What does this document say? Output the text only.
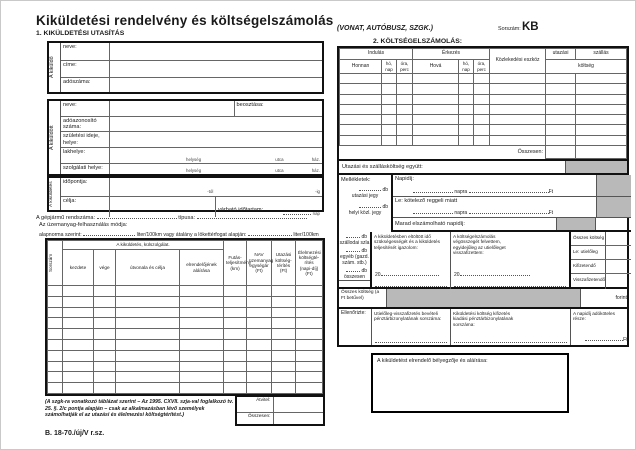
Kiküldetési rendelvény és költségelszámolás
1. KIKÜLDETÉSI UTASÍTÁS
A kiküldő
neve:	
címe:	
adószáma:	
A kiküldött
neve:		beosztása:
adóazonosító száma:		
születési ideje, helye:		
lakhelye:	helység utca ház.	

szolgálati helye:	helység utca ház.	
A kiküldetés	időpontja:	-tól -ig	

célja:		várható időtartam:
nap
A gépjármű rendszáma:	típusa:
Az üzemanyag-felhasználás módja:
alapnorma szerint:	liter/100km vagy átalány a lökettérfogat alapján:	liter/100km
Sorszám	A kiküldetés, külszolgálat.				Futás-teljesítmény (km)	NAV üzemanyag egységár (Ft)	Utazási költség-térítés (Ft)	Élelmezési költségté-rítés (napi-díj) (Ft)
	kezdete	vége	útvonala és célja	elrendelőjének aláírása				

(A szgk-ra vonatkozó táblázat szerint – Az 1995. CXVII. szja-val foglalkozó tv. 25. §. 2/c pontja alapján – csak az alkalmazásban lévő személyek számolhatják el az utazási és élelmezési költségtérítést.)
Átvitel:	
Összesen:	
B. 18-70./új/V r.sz.
(VONAT, AUTÓBUSZ, SZGK.)	Sorszám: KB
2. KÖLTSÉGELSZÁMOLÁS:
Indulás			Érkezés			Közlekedési eszköz	utazási	szállás
Honnan	hó, nap	óra, perc	Hová	hó, nap	óra, perc		költség	

Összesen:								
Utazási és szállásköltség együtt:
Mellékletek:
db
utazási jegy
db
helyi közl. jegy
db
szállodai szla
db
egyéb (gazd. szám. stb.)
db
összesen
Napidíj:
napra	Ft
Le: kötelező reggeli miatt
napra	Ft
Marad elszámolható napidíj:
A kiküldetésben eltöltött idő szükségességét és a kiküldetés teljesítését igazolom:
20
A költségelszámolás végösszegét felvettem, egyidejűleg az utielőleget visszafizettem:
20
Összes költség
Le: utielőleg
Kifizetendő
Visszafizetendő
Összes költség (a Ft betűvel)	forint
Ellenőrizte:	Utielőleg-visszafizetés bevételi pénztárbizonylatának sorszáma:
Kiküldetési költség kifizetés kiadási pénztárbizonylatának sorszáma:
A napidíj adóköteles része:
Ft.
A kiküldetést elrendelő bélyegzője és aláírása:
